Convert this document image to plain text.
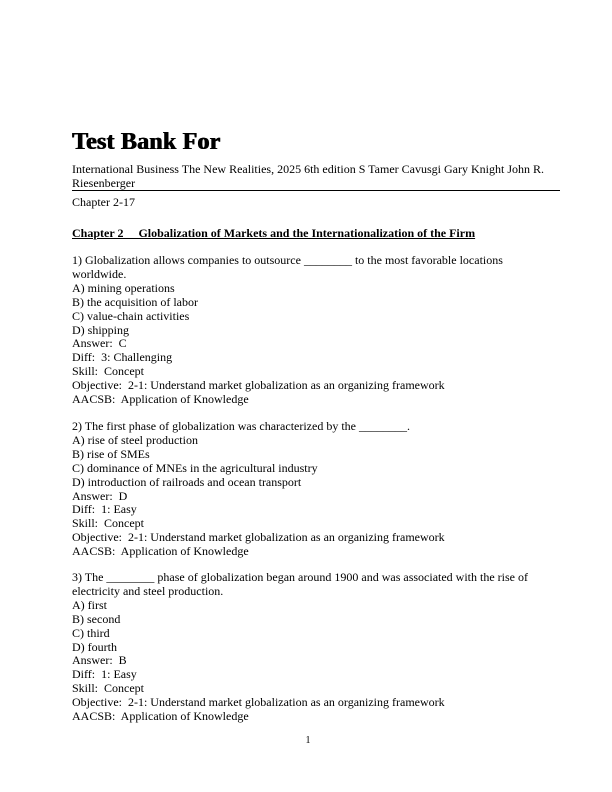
Test Bank For
International Business The New Realities, 2025 6th edition S Tamer Cavusgi Gary Knight John R. Riesenberger
Chapter 2-17
Chapter 2     Globalization of Markets and the Internationalization of the Firm
1) Globalization allows companies to outsource ________ to the most favorable locations worldwide.
A) mining operations
B) the acquisition of labor
C) value-chain activities
D) shipping
Answer:  C
Diff:  3: Challenging
Skill:  Concept
Objective:  2-1: Understand market globalization as an organizing framework
AACSB:  Application of Knowledge
2) The first phase of globalization was characterized by the ________.
A) rise of steel production
B) rise of SMEs
C) dominance of MNEs in the agricultural industry
D) introduction of railroads and ocean transport
Answer:  D
Diff:  1: Easy
Skill:  Concept
Objective:  2-1: Understand market globalization as an organizing framework
AACSB:  Application of Knowledge
3) The ________ phase of globalization began around 1900 and was associated with the rise of electricity and steel production.
A) first
B) second
C) third
D) fourth
Answer:  B
Diff:  1: Easy
Skill:  Concept
Objective:  2-1: Understand market globalization as an organizing framework
AACSB:  Application of Knowledge
1
